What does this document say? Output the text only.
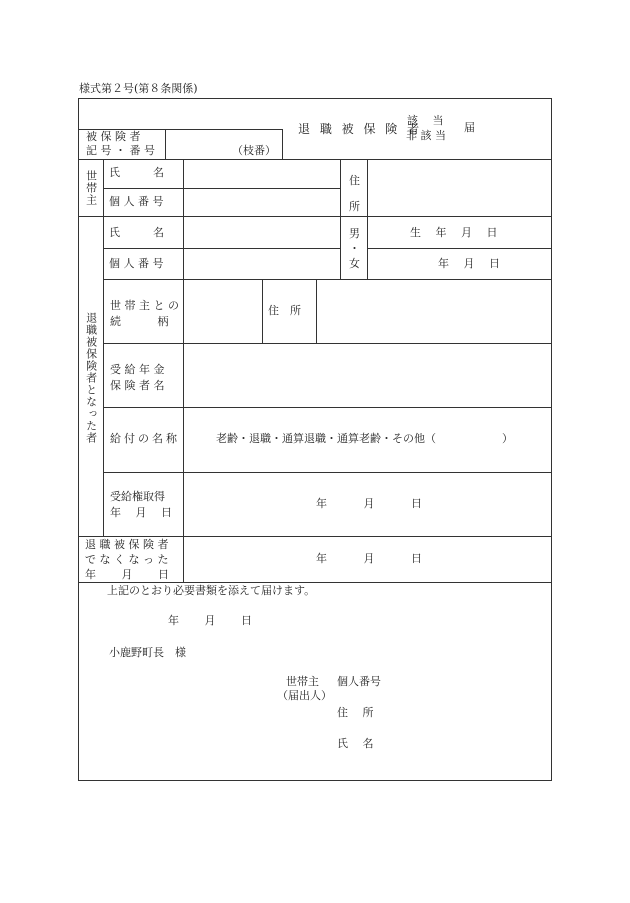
様式第２号(第８条関係)
被 保 険 者
記 号 ・ 番 号	（枝番）
退 職 被 保 険 者
該　 当
非 該 当
届
世帯主 氏　　　名
個 人 番 号
住
所
退職被保険者となった者
氏　　　名
個 人 番 号
男
・
女
生　 年　 月　 日
年　 月　 日
世 帯 主 と の
続　　　 柄
住　所
受 給 年 金
保 険 者 名
給付の名称	老齢・退職・通算退職・通算老齢・その他（　　　　　　）
受給権取得
年　 月　 日
年　　　 月　　　 日
退 職 被 保 険 者
で な く な っ た
年　　 月　　 日
年　　　 月　　　 日
上記のとおり必要書類を添えて届けます。
年　　 月　　 日
小鹿野町長　様
世帯主
（届出人）
個人番号
住　 所
氏　 名
